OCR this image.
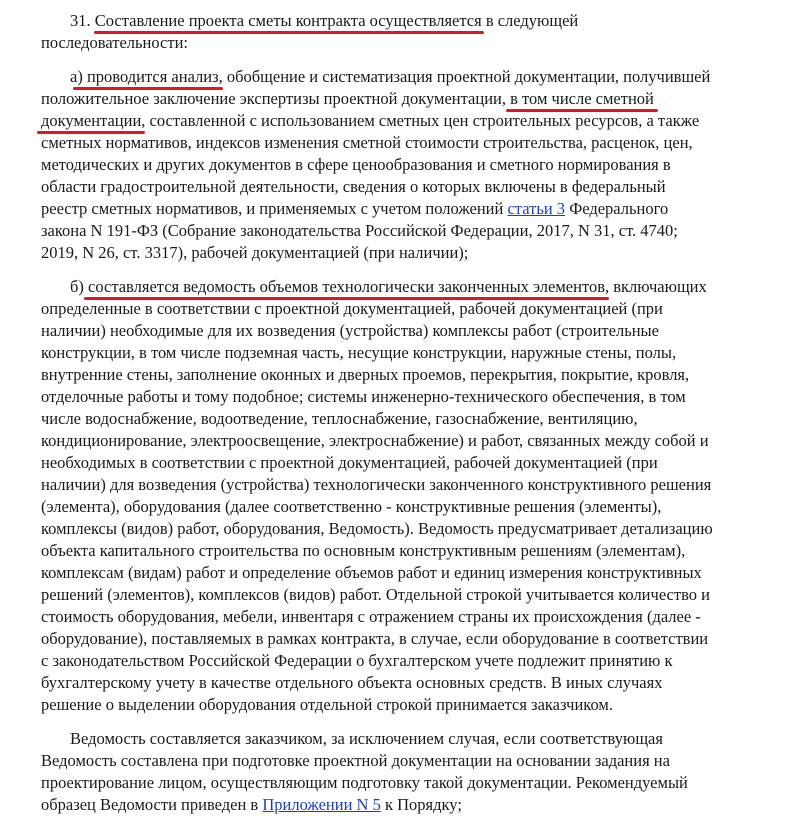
31. Составление проекта сметы контракта осуществляется
в следующей
последовательности:
а) проводится анализ
, обобщение и систематизация проектной документации, получившей
положительное заключение экспертизы проектной документации, в том числе сметной
документации
, составленной с использованием сметных цен строительных ресурсов, а также
сметных нормативов, индексов изменения сметной стоимости строительства, расценок, цен,
методических и других документов в сфере ценообразования и сметного нормирования в
области градостроительной деятельности, сведения о которых включены в федеральный
реестр сметных нормативов, и применяемых с учетом положений статьи 3 Федерального
закона N 191-ФЗ (Собрание законодательства Российской Федерации, 2017, N 31, ст. 4740;
2019, N 26, ст. 3317), рабочей документацией (при наличии);
б) составляется ведомость объемов технологически законченных элементов
, включающих
определенные в соответствии с проектной документацией, рабочей документацией (при
наличии) необходимые для их возведения (устройства) комплексы работ (строительные
конструкции, в том числе подземная часть, несущие конструкции, наружные стены, полы,
внутренние стены, заполнение оконных и дверных проемов, перекрытия, покрытие, кровля,
отделочные работы и тому подобное; системы инженерно-технического обеспечения, в том
числе водоснабжение, водоотведение, теплоснабжение, газоснабжение, вентиляцию,
кондиционирование, электроосвещение, электроснабжение) и работ, связанных между собой и
необходимых в соответствии с проектной документацией, рабочей документацией (при
наличии) для возведения (устройства) технологически законченного конструктивного решения
(элемента), оборудования (далее соответственно - конструктивные решения (элементы),
комплексы (видов) работ, оборудования, Ведомость). Ведомость предусматривает детализацию
объекта капитального строительства по основным конструктивным решениям (элементам),
комплексам (видам) работ и определение объемов работ и единиц измерения конструктивных
решений (элементов), комплексов (видов) работ. Отдельной строкой учитывается количество и
стоимость оборудования, мебели, инвентаря с отражением страны их происхождения (далее -
оборудование), поставляемых в рамках контракта, в случае, если оборудование в соответствии
с законодательством Российской Федерации о бухгалтерском учете подлежит принятию к
бухгалтерскому учету в качестве отдельного объекта основных средств. В иных случаях
решение о выделении оборудования отдельной строкой принимается заказчиком.
Ведомость составляется заказчиком, за исключением случая, если соответствующая
Ведомость составлена при подготовке проектной документации на основании задания на
проектирование лицом, осуществляющим подготовку такой документации. Рекомендуемый
образец Ведомости приведен в Приложении N 5 к Порядку;
